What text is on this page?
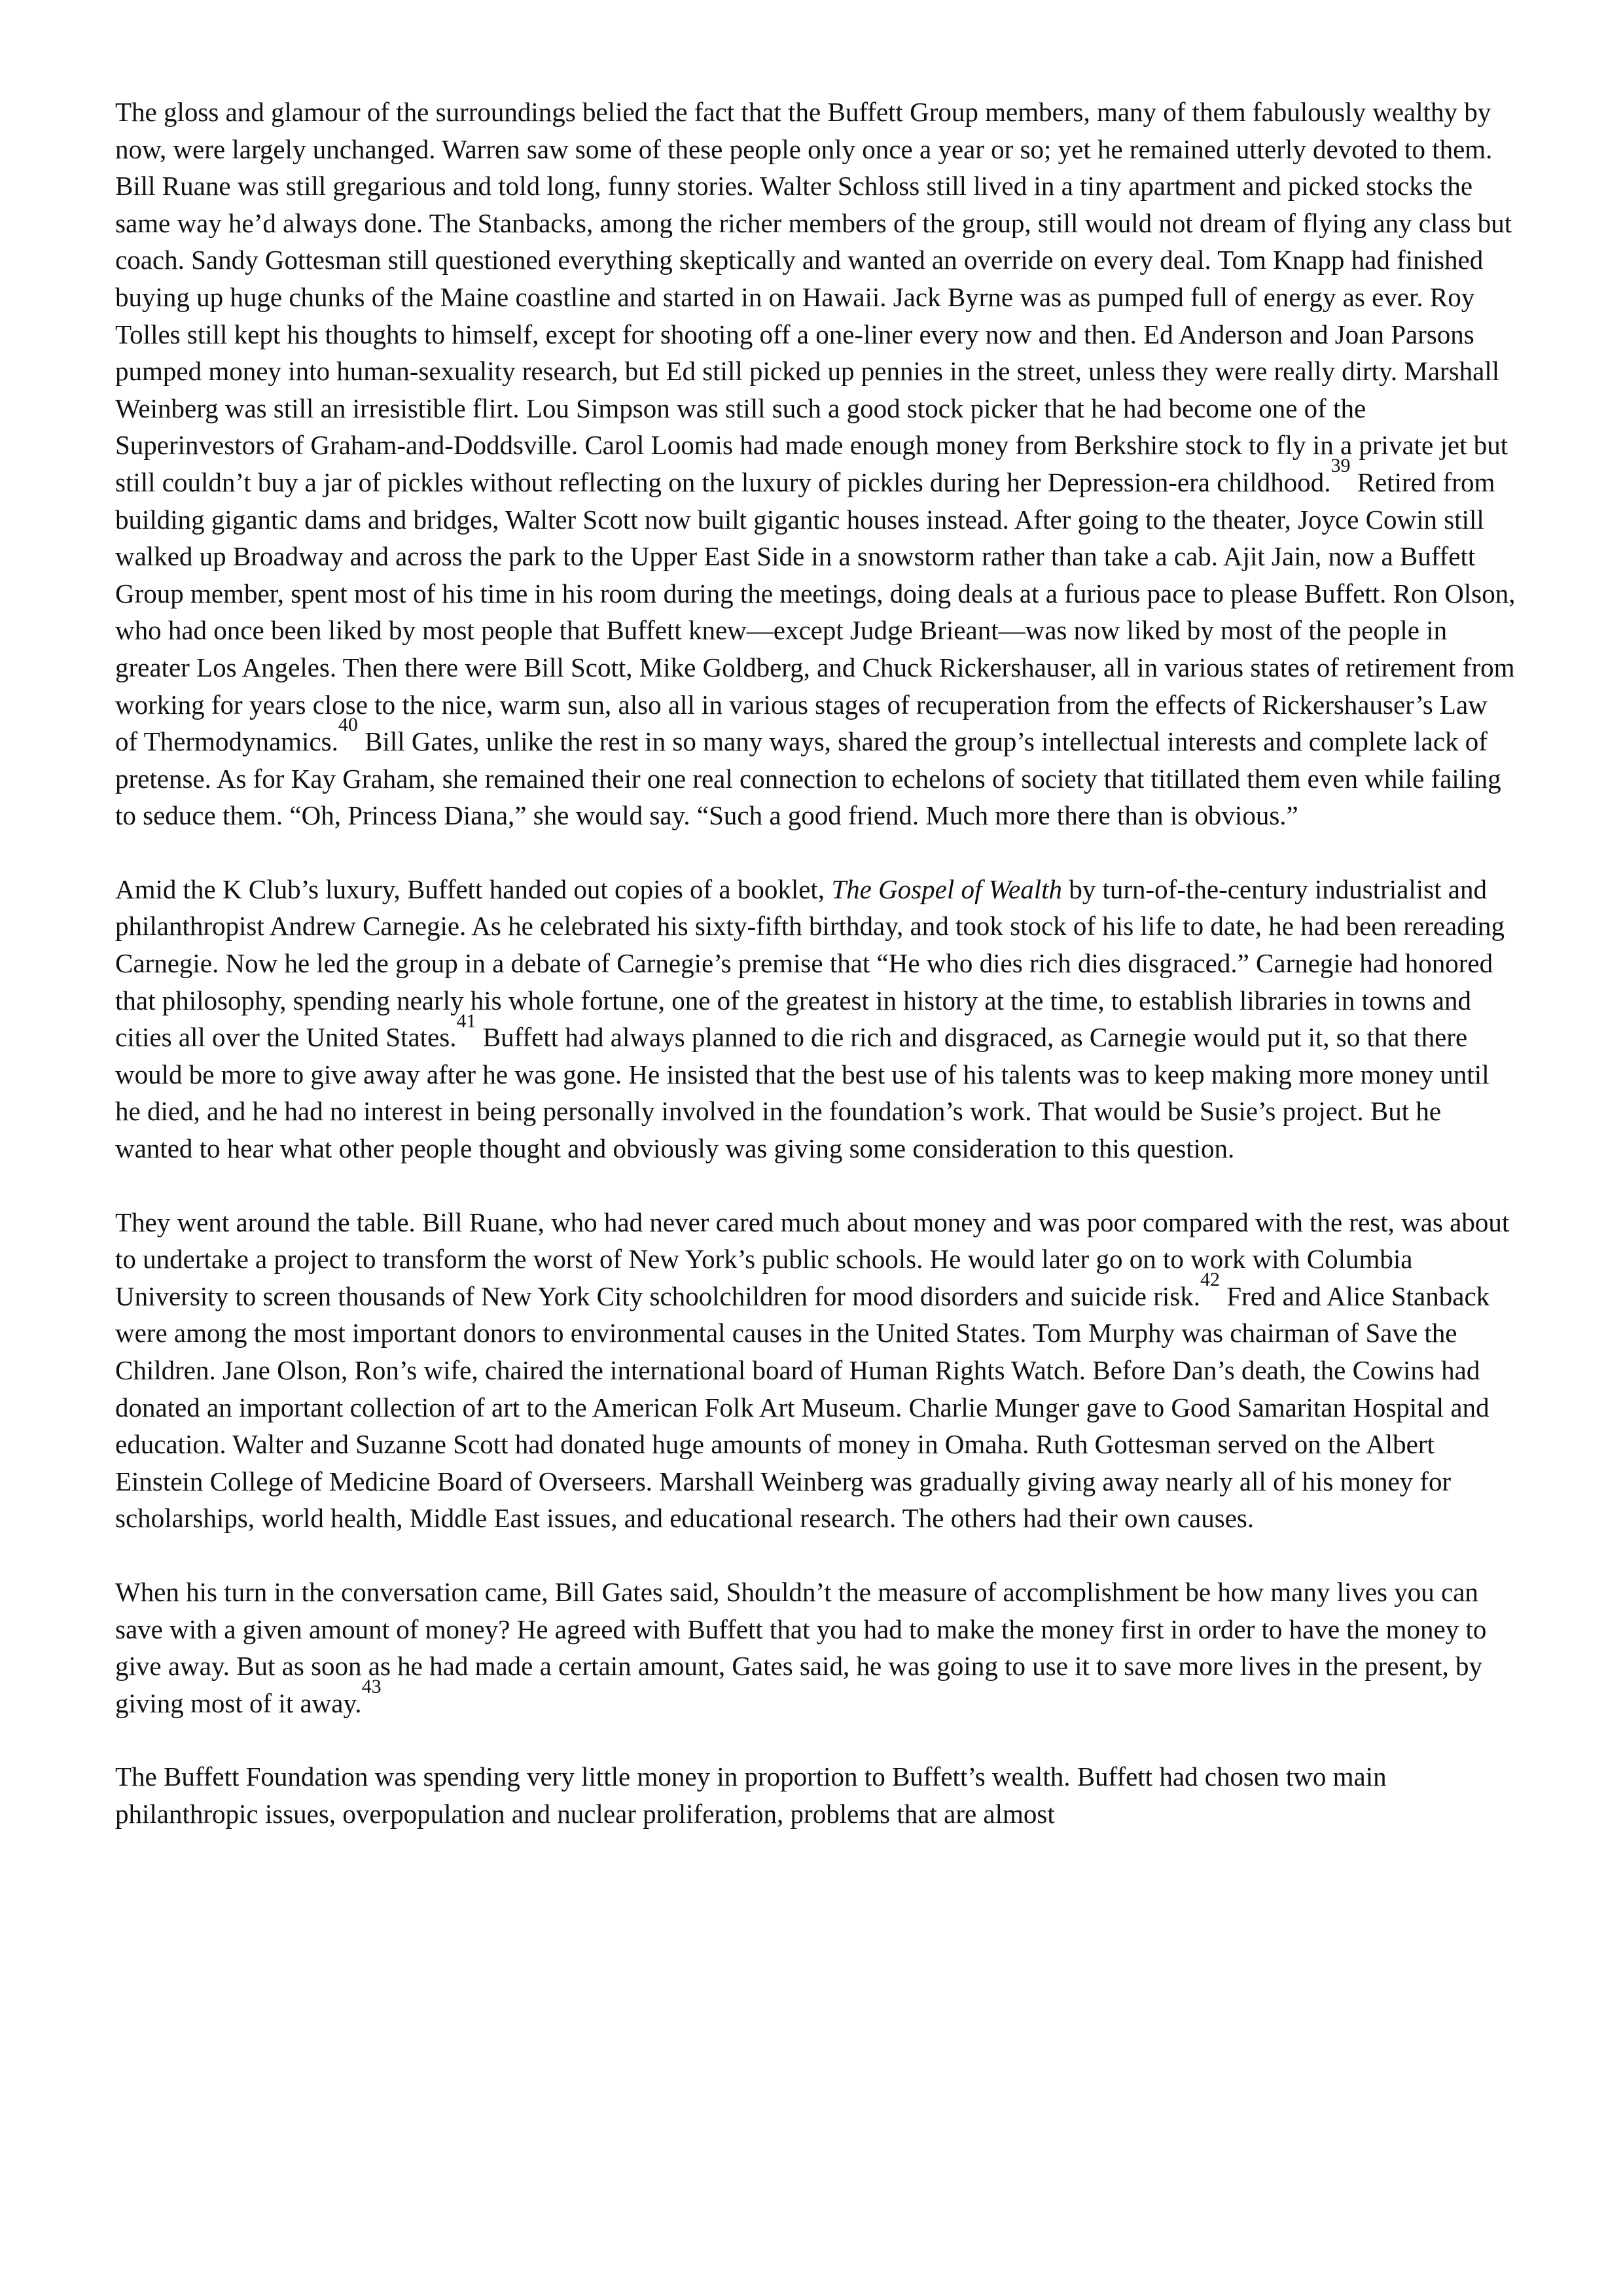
The gloss and glamour of the surroundings belied the fact that the Buffett Group members, many of them fabulously wealthy by now, were largely unchanged. Warren saw some of these people only once a year or so; yet he remained utterly devoted to them. Bill Ruane was still gregarious and told long, funny stories. Walter Schloss still lived in a tiny apartment and picked stocks the same way he’d always done. The Stanbacks, among the richer members of the group, still would not dream of flying any class but coach. Sandy Gottesman still questioned everything skeptically and wanted an override on every deal. Tom Knapp had finished buying up huge chunks of the Maine coastline and started in on Hawaii. Jack Byrne was as pumped full of energy as ever. Roy Tolles still kept his thoughts to himself, except for shooting off a one-liner every now and then. Ed Anderson and Joan Parsons pumped money into human-sexuality research, but Ed still picked up pennies in the street, unless they were really dirty. Marshall Weinberg was still an irresistible flirt. Lou Simpson was still such a good stock picker that he had become one of the Superinvestors of Graham-and-Doddsville. Carol Loomis had made enough money from Berkshire stock to fly in a private jet but still couldn’t buy a jar of pickles without reflecting on the luxury of pickles during her Depression-era childhood.$^{39}$ Retired from building gigantic dams and bridges, Walter Scott now built gigantic houses instead. After going to the theater, Joyce Cowin still walked up Broadway and across the park to the Upper East Side in a snowstorm rather than take a cab. Ajit Jain, now a Buffett Group member, spent most of his time in his room during the meetings, doing deals at a furious pace to please Buffett. Ron Olson, who had once been liked by most people that Buffett knew—except Judge Brieant—was now liked by most of the people in greater Los Angeles. Then there were Bill Scott, Mike Goldberg, and Chuck Rickershauser, all in various states of retirement from working for years close to the nice, warm sun, also all in various stages of recuperation from the effects of Rickershauser’s Law of Thermodynamics.$^{40}$ Bill Gates, unlike the rest in so many ways, shared the group’s intellectual interests and complete lack of pretense. As for Kay Graham, she remained their one real connection to echelons of society that titillated them even while failing to seduce them. “Oh, Princess Diana,” she would say. “Such a good friend. Much more there than is obvious.”

Amid the K Club’s luxury, Buffett handed out copies of a booklet, The Gospel of Wealth by turn-of-the-century industrialist and philanthropist Andrew Carnegie. As he celebrated his sixty-fifth birthday, and took stock of his life to date, he had been rereading Carnegie. Now he led the group in a debate of Carnegie’s premise that “He who dies rich dies disgraced.” Carnegie had honored that philosophy, spending nearly his whole fortune, one of the greatest in history at the time, to establish libraries in towns and cities all over the United States.$^{41}$ Buffett had always planned to die rich and disgraced, as Carnegie would put it, so that there would be more to give away after he was gone. He insisted that the best use of his talents was to keep making more money until he died, and he had no interest in being personally involved in the foundation’s work. That would be Susie’s project. But he wanted to hear what other people thought and obviously was giving some consideration to this question.

They went around the table. Bill Ruane, who had never cared much about money and was poor compared with the rest, was about to undertake a project to transform the worst of New York’s public schools. He would later go on to work with Columbia University to screen thousands of New York City schoolchildren for mood disorders and suicide risk.$^{42}$ Fred and Alice Stanback were among the most important donors to environmental causes in the United States. Tom Murphy was chairman of Save the Children. Jane Olson, Ron’s wife, chaired the international board of Human Rights Watch. Before Dan’s death, the Cowins had donated an important collection of art to the American Folk Art Museum. Charlie Munger gave to Good Samaritan Hospital and education. Walter and Suzanne Scott had donated huge amounts of money in Omaha. Ruth Gottesman served on the Albert Einstein College of Medicine Board of Overseers. Marshall Weinberg was gradually giving away nearly all of his money for scholarships, world health, Middle East issues, and educational research. The others had their own causes.

When his turn in the conversation came, Bill Gates said, Shouldn’t the measure of accomplishment be how many lives you can save with a given amount of money? He agreed with Buffett that you had to make the money first in order to have the money to give away. But as soon as he had made a certain amount, Gates said, he was going to use it to save more lives in the present, by giving most of it away.$^{43}$

The Buffett Foundation was spending very little money in proportion to Buffett’s wealth. Buffett had chosen two main philanthropic issues, overpopulation and nuclear proliferation, problems that are almost
